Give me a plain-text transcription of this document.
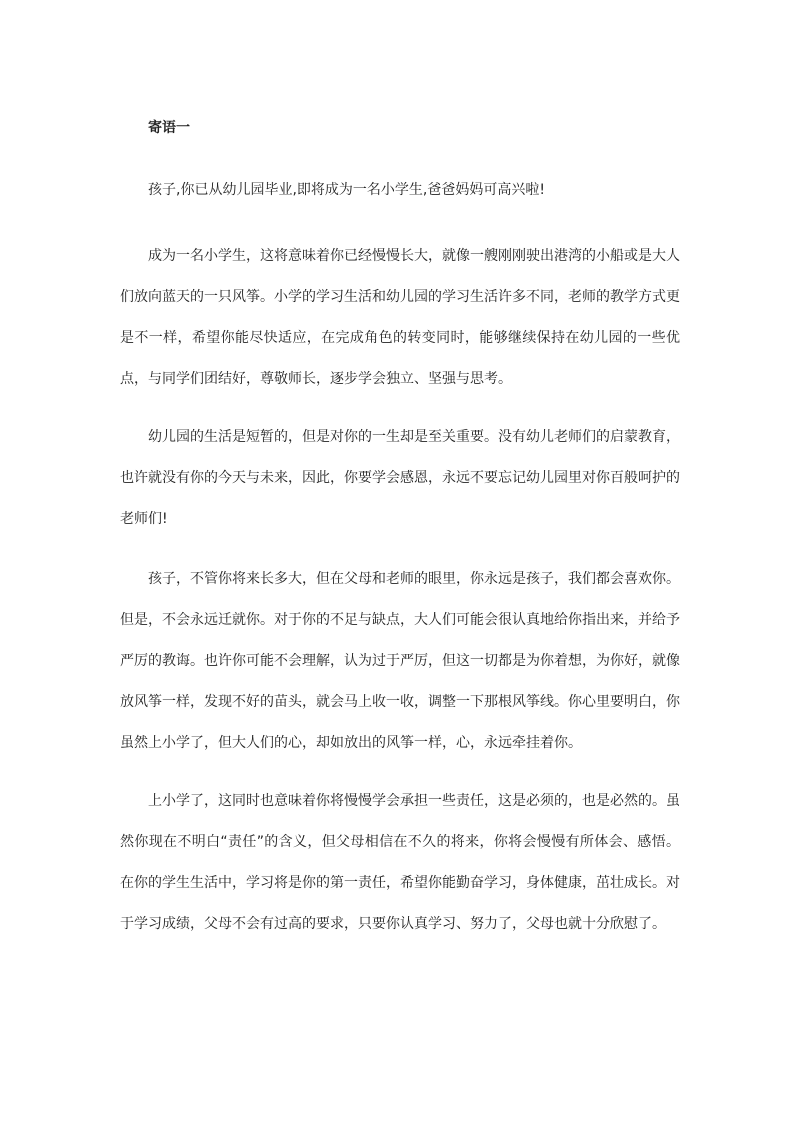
寄语一

孩子,你已从幼儿园毕业,即将成为一名小学生,爸爸妈妈可高兴啦!

成为一名小学生，这将意味着你已经慢慢长大，就像一艘刚刚驶出港湾的小船或是大人们放向蓝天的一只风筝。小学的学习生活和幼儿园的学习生活许多不同，老师的教学方式更是不一样，希望你能尽快适应，在完成角色的转变同时，能够继续保持在幼儿园的一些优点，与同学们团结好，尊敬师长，逐步学会独立、坚强与思考。

幼儿园的生活是短暂的，但是对你的一生却是至关重要。没有幼儿老师们的启蒙教育，也许就没有你的今天与未来，因此，你要学会感恩，永远不要忘记幼儿园里对你百般呵护的老师们!

孩子，不管你将来长多大，但在父母和老师的眼里，你永远是孩子，我们都会喜欢你。但是，不会永远迁就你。对于你的不足与缺点，大人们可能会很认真地给你指出来，并给予严厉的教诲。也许你可能不会理解，认为过于严厉，但这一切都是为你着想，为你好，就像放风筝一样，发现不好的苗头，就会马上收一收，调整一下那根风筝线。你心里要明白，你虽然上小学了，但大人们的心，却如放出的风筝一样，心，永远牵挂着你。

上小学了，这同时也意味着你将慢慢学会承担一些责任，这是必须的，也是必然的。虽然你现在不明白“责任”的含义，但父母相信在不久的将来，你将会慢慢有所体会、感悟。在你的学生生活中，学习将是你的第一责任，希望你能勤奋学习，身体健康，茁壮成长。对于学习成绩，父母不会有过高的要求，只要你认真学习、努力了，父母也就十分欣慰了。
